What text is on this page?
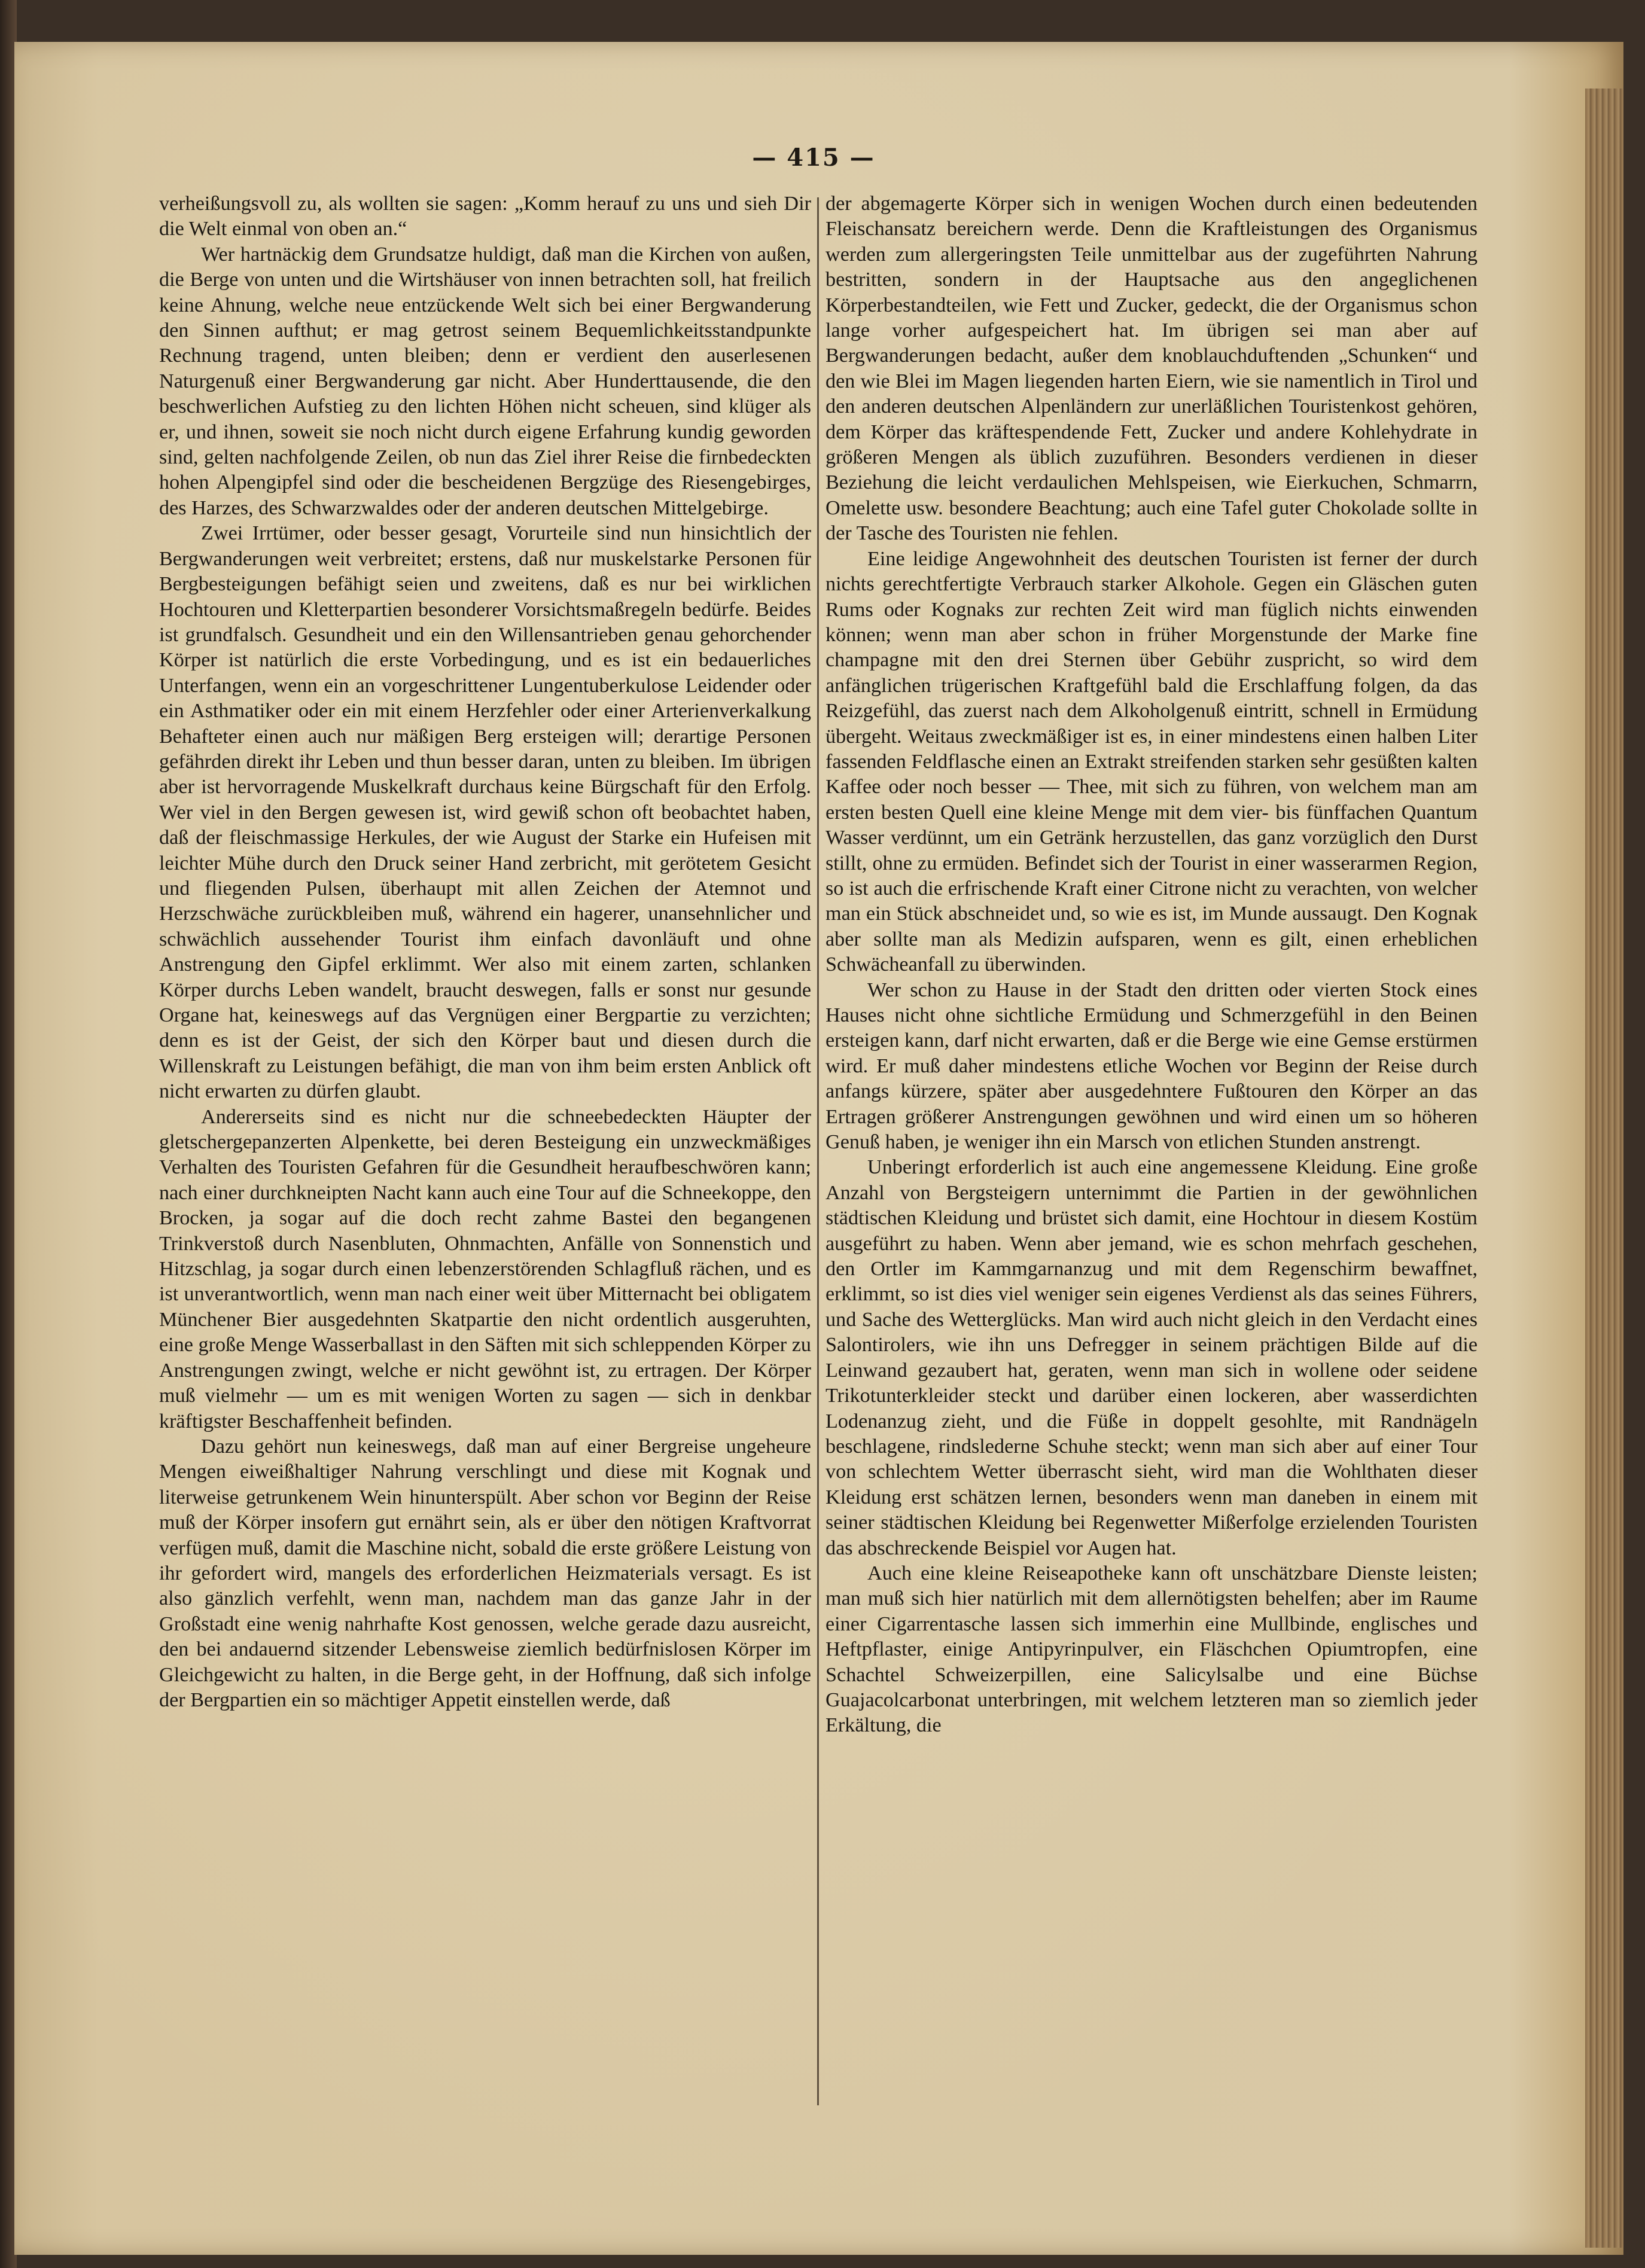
— 415 —

verheißungsvoll zu, als wollten sie sagen: „Komm herauf zu uns und sieh Dir die Welt einmal von oben an.“

Wer hartnäckig dem Grundsatze huldigt, daß man die Kirchen von außen, die Berge von unten und die Wirtshäuser von innen betrachten soll, hat freilich keine Ahnung, welche neue entzückende Welt sich bei einer Bergwanderung den Sinnen aufthut; er mag getrost seinem Bequemlichkeitsstandpunkte Rechnung tragend, unten bleiben; denn er verdient den auserlesenen Naturgenuß einer Bergwanderung gar nicht. Aber Hunderttausende, die den beschwerlichen Aufstieg zu den lichten Höhen nicht scheuen, sind klüger als er, und ihnen, soweit sie noch nicht durch eigene Erfahrung kundig geworden sind, gelten nachfolgende Zeilen, ob nun das Ziel ihrer Reise die firnbedeckten hohen Alpengipfel sind oder die bescheidenen Bergzüge des Riesengebirges, des Harzes, des Schwarzwaldes oder der anderen deutschen Mittelgebirge.

Zwei Irrtümer, oder besser gesagt, Vorurteile sind nun hinsichtlich der Bergwanderungen weit verbreitet; erstens, daß nur muskelstarke Personen für Bergbesteigungen befähigt seien und zweitens, daß es nur bei wirklichen Hochtouren und Kletterpartien besonderer Vorsichtsmaßregeln bedürfe. Beides ist grundfalsch. Gesundheit und ein den Willensantrieben genau gehorchender Körper ist natürlich die erste Vorbedingung, und es ist ein bedauerliches Unterfangen, wenn ein an vorgeschrittener Lungentuberkulose Leidender oder ein Asthmatiker oder ein mit einem Herzfehler oder einer Arterienverkalkung Behafteter einen auch nur mäßigen Berg ersteigen will; derartige Personen gefährden direkt ihr Leben und thun besser daran, unten zu bleiben. Im übrigen aber ist hervorragende Muskelkraft durchaus keine Bürgschaft für den Erfolg. Wer viel in den Bergen gewesen ist, wird gewiß schon oft beobachtet haben, daß der fleischmassige Herkules, der wie August der Starke ein Hufeisen mit leichter Mühe durch den Druck seiner Hand zerbricht, mit gerötetem Gesicht und fliegenden Pulsen, überhaupt mit allen Zeichen der Atemnot und Herzschwäche zurückbleiben muß, während ein hagerer, unansehnlicher und schwächlich aussehender Tourist ihm einfach davonläuft und ohne Anstrengung den Gipfel erklimmt. Wer also mit einem zarten, schlanken Körper durchs Leben wandelt, braucht deswegen, falls er sonst nur gesunde Organe hat, keineswegs auf das Vergnügen einer Bergpartie zu verzichten; denn es ist der Geist, der sich den Körper baut und diesen durch die Willenskraft zu Leistungen befähigt, die man von ihm beim ersten Anblick oft nicht erwarten zu dürfen glaubt.

Andererseits sind es nicht nur die schneebedeckten Häupter der gletschergepanzerten Alpenkette, bei deren Besteigung ein unzweckmäßiges Verhalten des Touristen Gefahren für die Gesundheit heraufbeschwören kann; nach einer durchkneipten Nacht kann auch eine Tour auf die Schneekoppe, den Brocken, ja sogar auf die doch recht zahme Bastei den begangenen Trinkverstoß durch Nasenbluten, Ohnmachten, Anfälle von Sonnenstich und Hitzschlag, ja sogar durch einen lebenzerstörenden Schlagfluß rächen, und es ist unverantwortlich, wenn man nach einer weit über Mitternacht bei obligatem Münchener Bier ausgedehnten Skatpartie den nicht ordentlich ausgeruhten, eine große Menge Wasserballast in den Säften mit sich schleppenden Körper zu Anstrengungen zwingt, welche er nicht gewöhnt ist, zu ertragen. Der Körper muß vielmehr — um es mit wenigen Worten zu sagen — sich in denkbar kräftigster Beschaffenheit befinden.

Dazu gehört nun keineswegs, daß man auf einer Bergreise ungeheure Mengen eiweißhaltiger Nahrung verschlingt und diese mit Kognak und literweise getrunkenem Wein hinunterspült. Aber schon vor Beginn der Reise muß der Körper insofern gut ernährt sein, als er über den nötigen Kraftvorrat verfügen muß, damit die Maschine nicht, sobald die erste größere Leistung von ihr gefordert wird, mangels des erforderlichen Heizmaterials versagt. Es ist also gänzlich verfehlt, wenn man, nachdem man das ganze Jahr in der Großstadt eine wenig nahrhafte Kost genossen, welche gerade dazu ausreicht, den bei andauernd sitzender Lebensweise ziemlich bedürfnislosen Körper im Gleichgewicht zu halten, in die Berge geht, in der Hoffnung, daß sich infolge der Bergpartien ein so mächtiger Appetit einstellen werde, daß

der abgemagerte Körper sich in wenigen Wochen durch einen bedeutenden Fleischansatz bereichern werde. Denn die Kraftleistungen des Organismus werden zum allergeringsten Teile unmittelbar aus der zugeführten Nahrung bestritten, sondern in der Hauptsache aus den angeglichenen Körperbestandteilen, wie Fett und Zucker, gedeckt, die der Organismus schon lange vorher aufgespeichert hat. Im übrigen sei man aber auf Bergwanderungen bedacht, außer dem knoblauchduftenden „Schunken“ und den wie Blei im Magen liegenden harten Eiern, wie sie namentlich in Tirol und den anderen deutschen Alpenländern zur unerläßlichen Touristenkost gehören, dem Körper das kräftespendende Fett, Zucker und andere Kohlehydrate in größeren Mengen als üblich zuzuführen. Besonders verdienen in dieser Beziehung die leicht verdaulichen Mehlspeisen, wie Eierkuchen, Schmarrn, Omelette usw. besondere Beachtung; auch eine Tafel guter Chokolade sollte in der Tasche des Touristen nie fehlen.

Eine leidige Angewohnheit des deutschen Touristen ist ferner der durch nichts gerechtfertigte Verbrauch starker Alkohole. Gegen ein Gläschen guten Rums oder Kognaks zur rechten Zeit wird man füglich nichts einwenden können; wenn man aber schon in früher Morgenstunde der Marke fine champagne mit den drei Sternen über Gebühr zuspricht, so wird dem anfänglichen trügerischen Kraftgefühl bald die Erschlaffung folgen, da das Reizgefühl, das zuerst nach dem Alkoholgenuß eintritt, schnell in Ermüdung übergeht. Weitaus zweckmäßiger ist es, in einer mindestens einen halben Liter fassenden Feldflasche einen an Extrakt streifenden starken sehr gesüßten kalten Kaffee oder noch besser — Thee, mit sich zu führen, von welchem man am ersten besten Quell eine kleine Menge mit dem vier- bis fünffachen Quantum Wasser verdünnt, um ein Getränk herzustellen, das ganz vorzüglich den Durst stillt, ohne zu ermüden. Befindet sich der Tourist in einer wasserarmen Region, so ist auch die erfrischende Kraft einer Citrone nicht zu verachten, von welcher man ein Stück abschneidet und, so wie es ist, im Munde aussaugt. Den Kognak aber sollte man als Medizin aufsparen, wenn es gilt, einen erheblichen Schwächeanfall zu überwinden.

Wer schon zu Hause in der Stadt den dritten oder vierten Stock eines Hauses nicht ohne sichtliche Ermüdung und Schmerzgefühl in den Beinen ersteigen kann, darf nicht erwarten, daß er die Berge wie eine Gemse erstürmen wird. Er muß daher mindestens etliche Wochen vor Beginn der Reise durch anfangs kürzere, später aber ausgedehntere Fußtouren den Körper an das Ertragen größerer Anstrengungen gewöhnen und wird einen um so höheren Genuß haben, je weniger ihn ein Marsch von etlichen Stunden anstrengt.

Unberingt erforderlich ist auch eine angemessene Kleidung. Eine große Anzahl von Bergsteigern unternimmt die Partien in der gewöhnlichen städtischen Kleidung und brüstet sich damit, eine Hochtour in diesem Kostüm ausgeführt zu haben. Wenn aber jemand, wie es schon mehrfach geschehen, den Ortler im Kammgarnanzug und mit dem Regenschirm bewaffnet, erklimmt, so ist dies viel weniger sein eigenes Verdienst als das seines Führers, und Sache des Wetterglücks. Man wird auch nicht gleich in den Verdacht eines Salontirolers, wie ihn uns Defregger in seinem prächtigen Bilde auf die Leinwand gezaubert hat, geraten, wenn man sich in wollene oder seidene Trikotunterkleider steckt und darüber einen lockeren, aber wasserdichten Lodenanzug zieht, und die Füße in doppelt gesohlte, mit Randnägeln beschlagene, rindslederne Schuhe steckt; wenn man sich aber auf einer Tour von schlechtem Wetter überrascht sieht, wird man die Wohlthaten dieser Kleidung erst schätzen lernen, besonders wenn man daneben in einem mit seiner städtischen Kleidung bei Regenwetter Mißerfolge erzielenden Touristen das abschreckende Beispiel vor Augen hat.

Auch eine kleine Reiseapotheke kann oft unschätzbare Dienste leisten; man muß sich hier natürlich mit dem allernötigsten behelfen; aber im Raume einer Cigarrentasche lassen sich immerhin eine Mullbinde, englisches und Heftpflaster, einige Antipyrinpulver, ein Fläschchen Opiumtropfen, eine Schachtel Schweizerpillen, eine Salicylsalbe und eine Büchse Guajacolcarbonat unterbringen, mit welchem letzteren man so ziemlich jeder Erkältung, die
